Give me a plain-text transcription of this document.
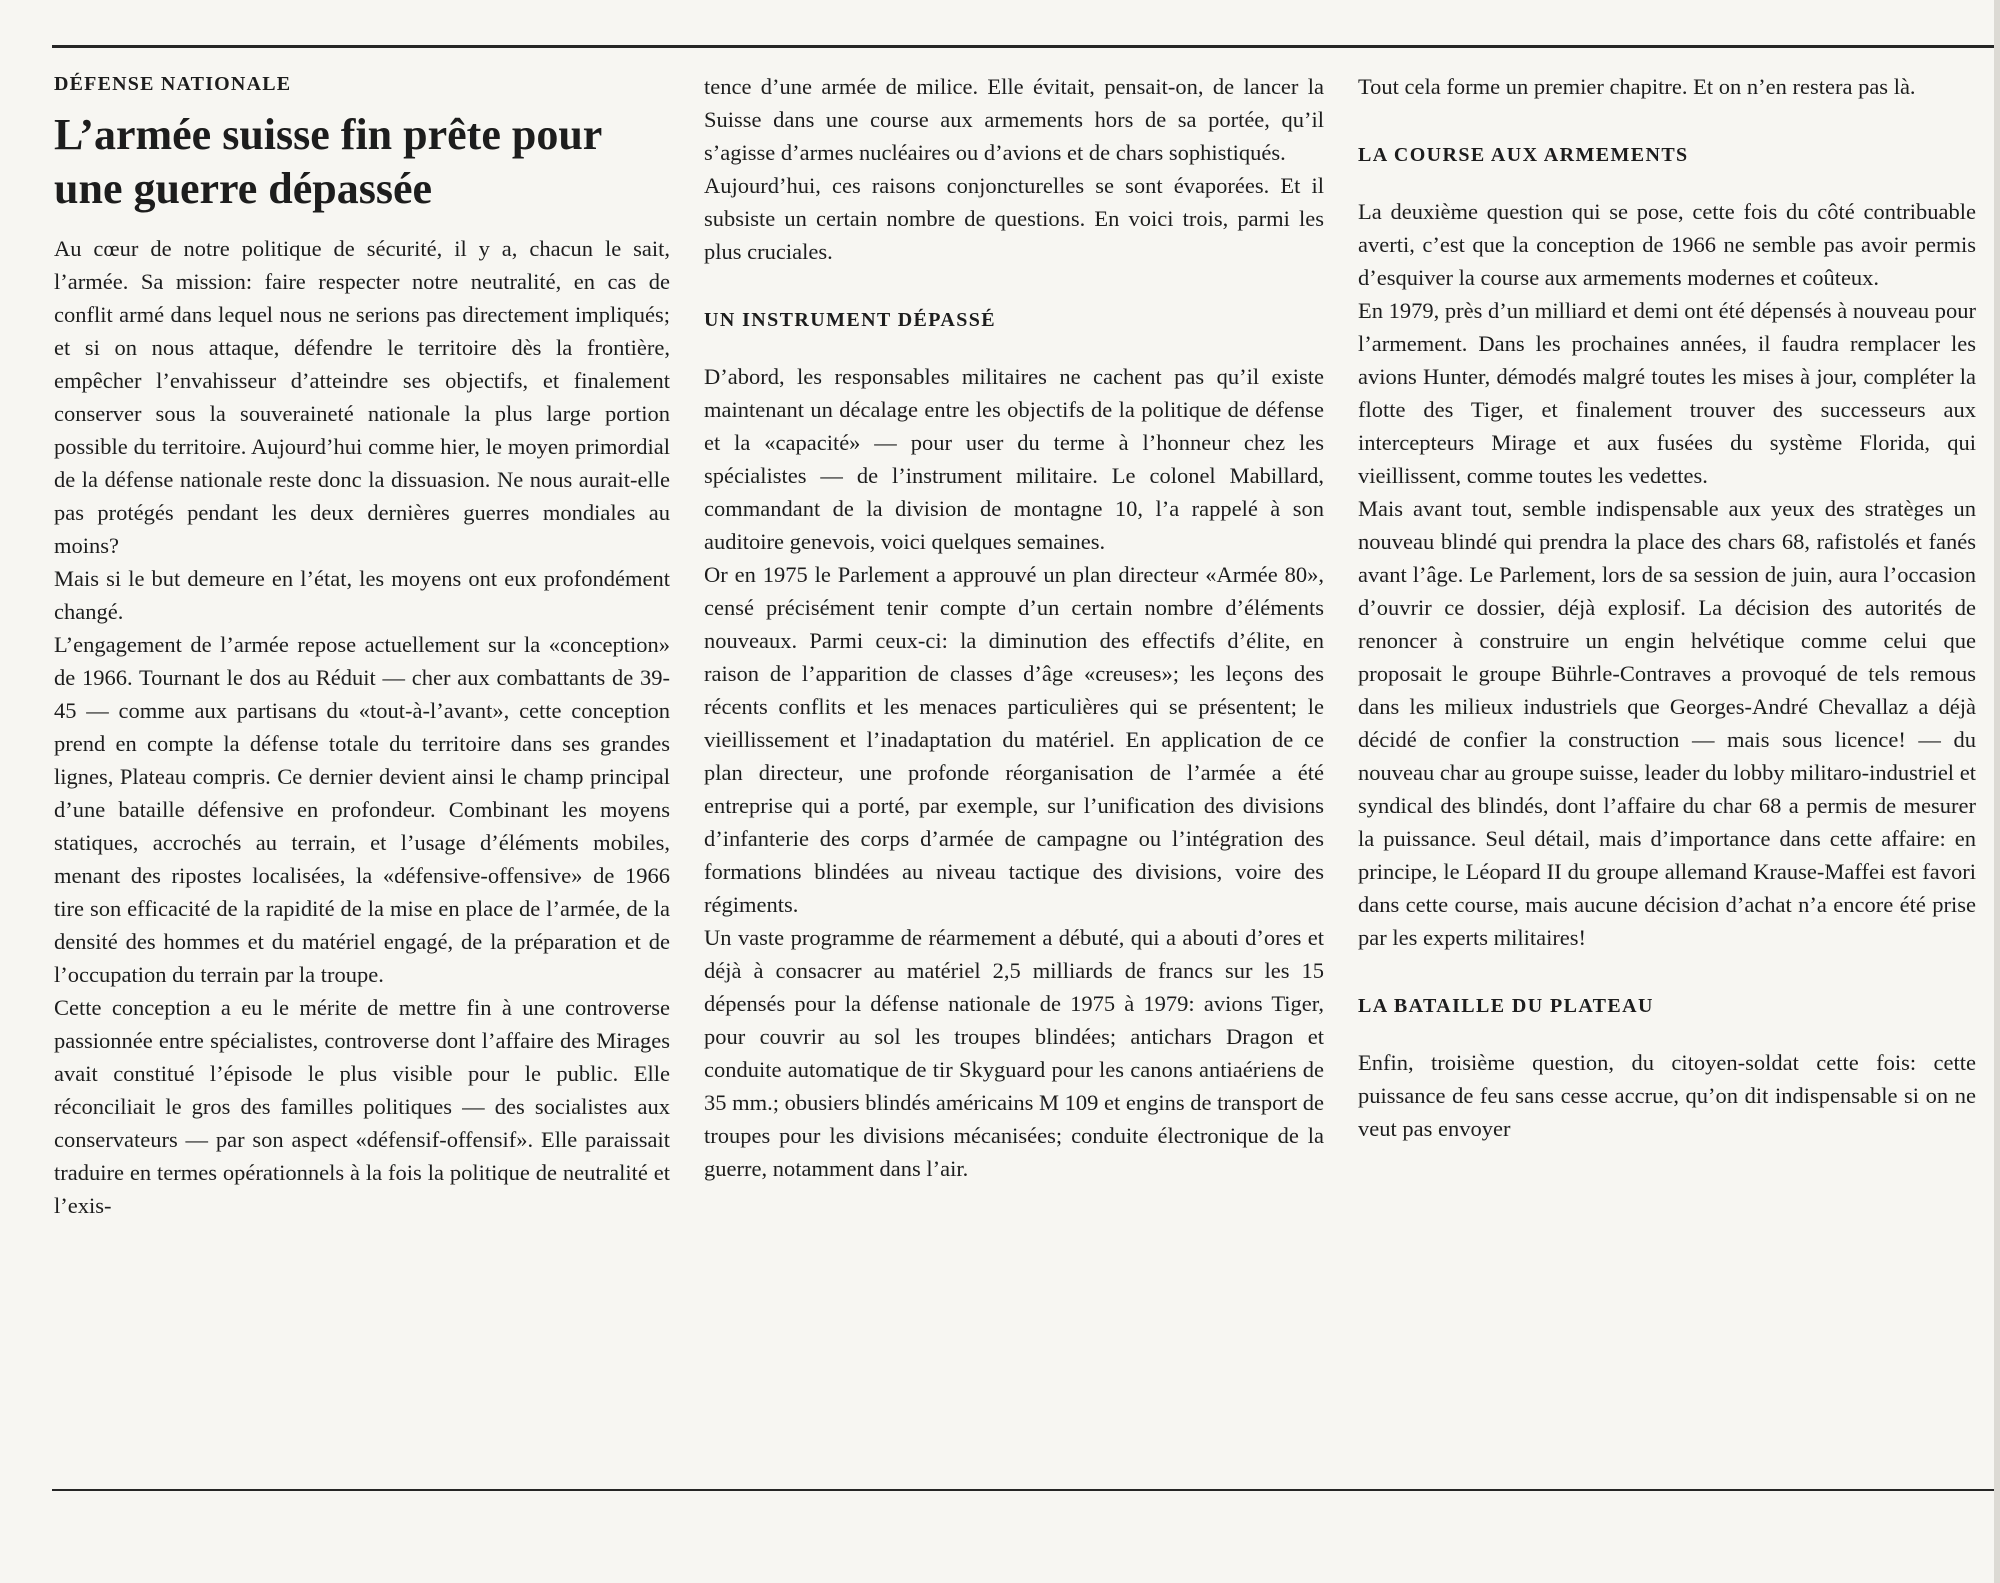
DÉFENSE NATIONALE
L’armée suisse fin prête pour une guerre dépassée

Au cœur de notre politique de sécurité, il y a, chacun le sait, l’armée. Sa mission: faire respecter notre neutralité, en cas de conflit armé dans lequel nous ne serions pas directement impliqués; et si on nous attaque, défendre le territoire dès la frontière, empêcher l’envahisseur d’atteindre ses objectifs, et finalement conserver sous la souveraineté nationale la plus large portion possible du territoire. Aujourd’hui comme hier, le moyen primordial de la défense nationale reste donc la dissuasion. Ne nous aurait-elle pas protégés pendant les deux dernières guerres mondiales au moins?

Mais si le but demeure en l’état, les moyens ont eux profondément changé.

L’engagement de l’armée repose actuellement sur la «conception» de 1966. Tournant le dos au Réduit — cher aux combattants de 39-45 — comme aux partisans du «tout-à-l’avant», cette conception prend en compte la défense totale du territoire dans ses grandes lignes, Plateau compris. Ce dernier devient ainsi le champ principal d’une bataille défensive en profondeur. Combinant les moyens statiques, accrochés au terrain, et l’usage d’éléments mobiles, menant des ripostes localisées, la «défensive-offensive» de 1966 tire son efficacité de la rapidité de la mise en place de l’armée, de la densité des hommes et du matériel engagé, de la préparation et de l’occupation du terrain par la troupe.

Cette conception a eu le mérite de mettre fin à une controverse passionnée entre spécialistes, controverse dont l’affaire des Mirages avait constitué l’épisode le plus visible pour le public. Elle réconciliait le gros des familles politiques — des socialistes aux conservateurs — par son aspect «défensif-offensif». Elle paraissait traduire en termes opérationnels à la fois la politique de neutralité et l’exis-

tence d’une armée de milice. Elle évitait, pensait-on, de lancer la Suisse dans une course aux armements hors de sa portée, qu’il s’agisse d’armes nucléaires ou d’avions et de chars sophistiqués.

Aujourd’hui, ces raisons conjoncturelles se sont évaporées. Et il subsiste un certain nombre de questions. En voici trois, parmi les plus cruciales.

UN INSTRUMENT DÉPASSÉ

D’abord, les responsables militaires ne cachent pas qu’il existe maintenant un décalage entre les objectifs de la politique de défense et la «capacité» — pour user du terme à l’honneur chez les spécialistes — de l’instrument militaire. Le colonel Mabillard, commandant de la division de montagne 10, l’a rappelé à son auditoire genevois, voici quelques semaines.

Or en 1975 le Parlement a approuvé un plan directeur «Armée 80», censé précisément tenir compte d’un certain nombre d’éléments nouveaux. Parmi ceux-ci: la diminution des effectifs d’élite, en raison de l’apparition de classes d’âge «creuses»; les leçons des récents conflits et les menaces particulières qui se présentent; le vieillissement et l’inadaptation du matériel. En application de ce plan directeur, une profonde réorganisation de l’armée a été entreprise qui a porté, par exemple, sur l’unification des divisions d’infanterie des corps d’armée de campagne ou l’intégration des formations blindées au niveau tactique des divisions, voire des régiments.

Un vaste programme de réarmement a débuté, qui a abouti d’ores et déjà à consacrer au matériel 2,5 milliards de francs sur les 15 dépensés pour la défense nationale de 1975 à 1979: avions Tiger, pour couvrir au sol les troupes blindées; antichars Dragon et conduite automatique de tir Skyguard pour les canons antiaériens de 35 mm.; obusiers blindés américains M 109 et engins de transport de troupes pour les divisions mécanisées; conduite électronique de la guerre, notamment dans l’air.

Tout cela forme un premier chapitre. Et on n’en restera pas là.

LA COURSE AUX ARMEMENTS

La deuxième question qui se pose, cette fois du côté contribuable averti, c’est que la conception de 1966 ne semble pas avoir permis d’esquiver la course aux armements modernes et coûteux.

En 1979, près d’un milliard et demi ont été dépensés à nouveau pour l’armement. Dans les prochaines années, il faudra remplacer les avions Hunter, démodés malgré toutes les mises à jour, compléter la flotte des Tiger, et finalement trouver des successeurs aux intercepteurs Mirage et aux fusées du système Florida, qui vieillissent, comme toutes les vedettes.

Mais avant tout, semble indispensable aux yeux des stratèges un nouveau blindé qui prendra la place des chars 68, rafistolés et fanés avant l’âge. Le Parlement, lors de sa session de juin, aura l’occasion d’ouvrir ce dossier, déjà explosif. La décision des autorités de renoncer à construire un engin helvétique comme celui que proposait le groupe Bührle-Contraves a provoqué de tels remous dans les milieux industriels que Georges-André Chevallaz a déjà décidé de confier la construction — mais sous licence! — du nouveau char au groupe suisse, leader du lobby militaro-industriel et syndical des blindés, dont l’affaire du char 68 a permis de mesurer la puissance. Seul détail, mais d’importance dans cette affaire: en principe, le Léopard II du groupe allemand Krause-Maffei est favori dans cette course, mais aucune décision d’achat n’a encore été prise par les experts militaires!

LA BATAILLE DU PLATEAU

Enfin, troisième question, du citoyen-soldat cette fois: cette puissance de feu sans cesse accrue, qu’on dit indispensable si on ne veut pas envoyer
